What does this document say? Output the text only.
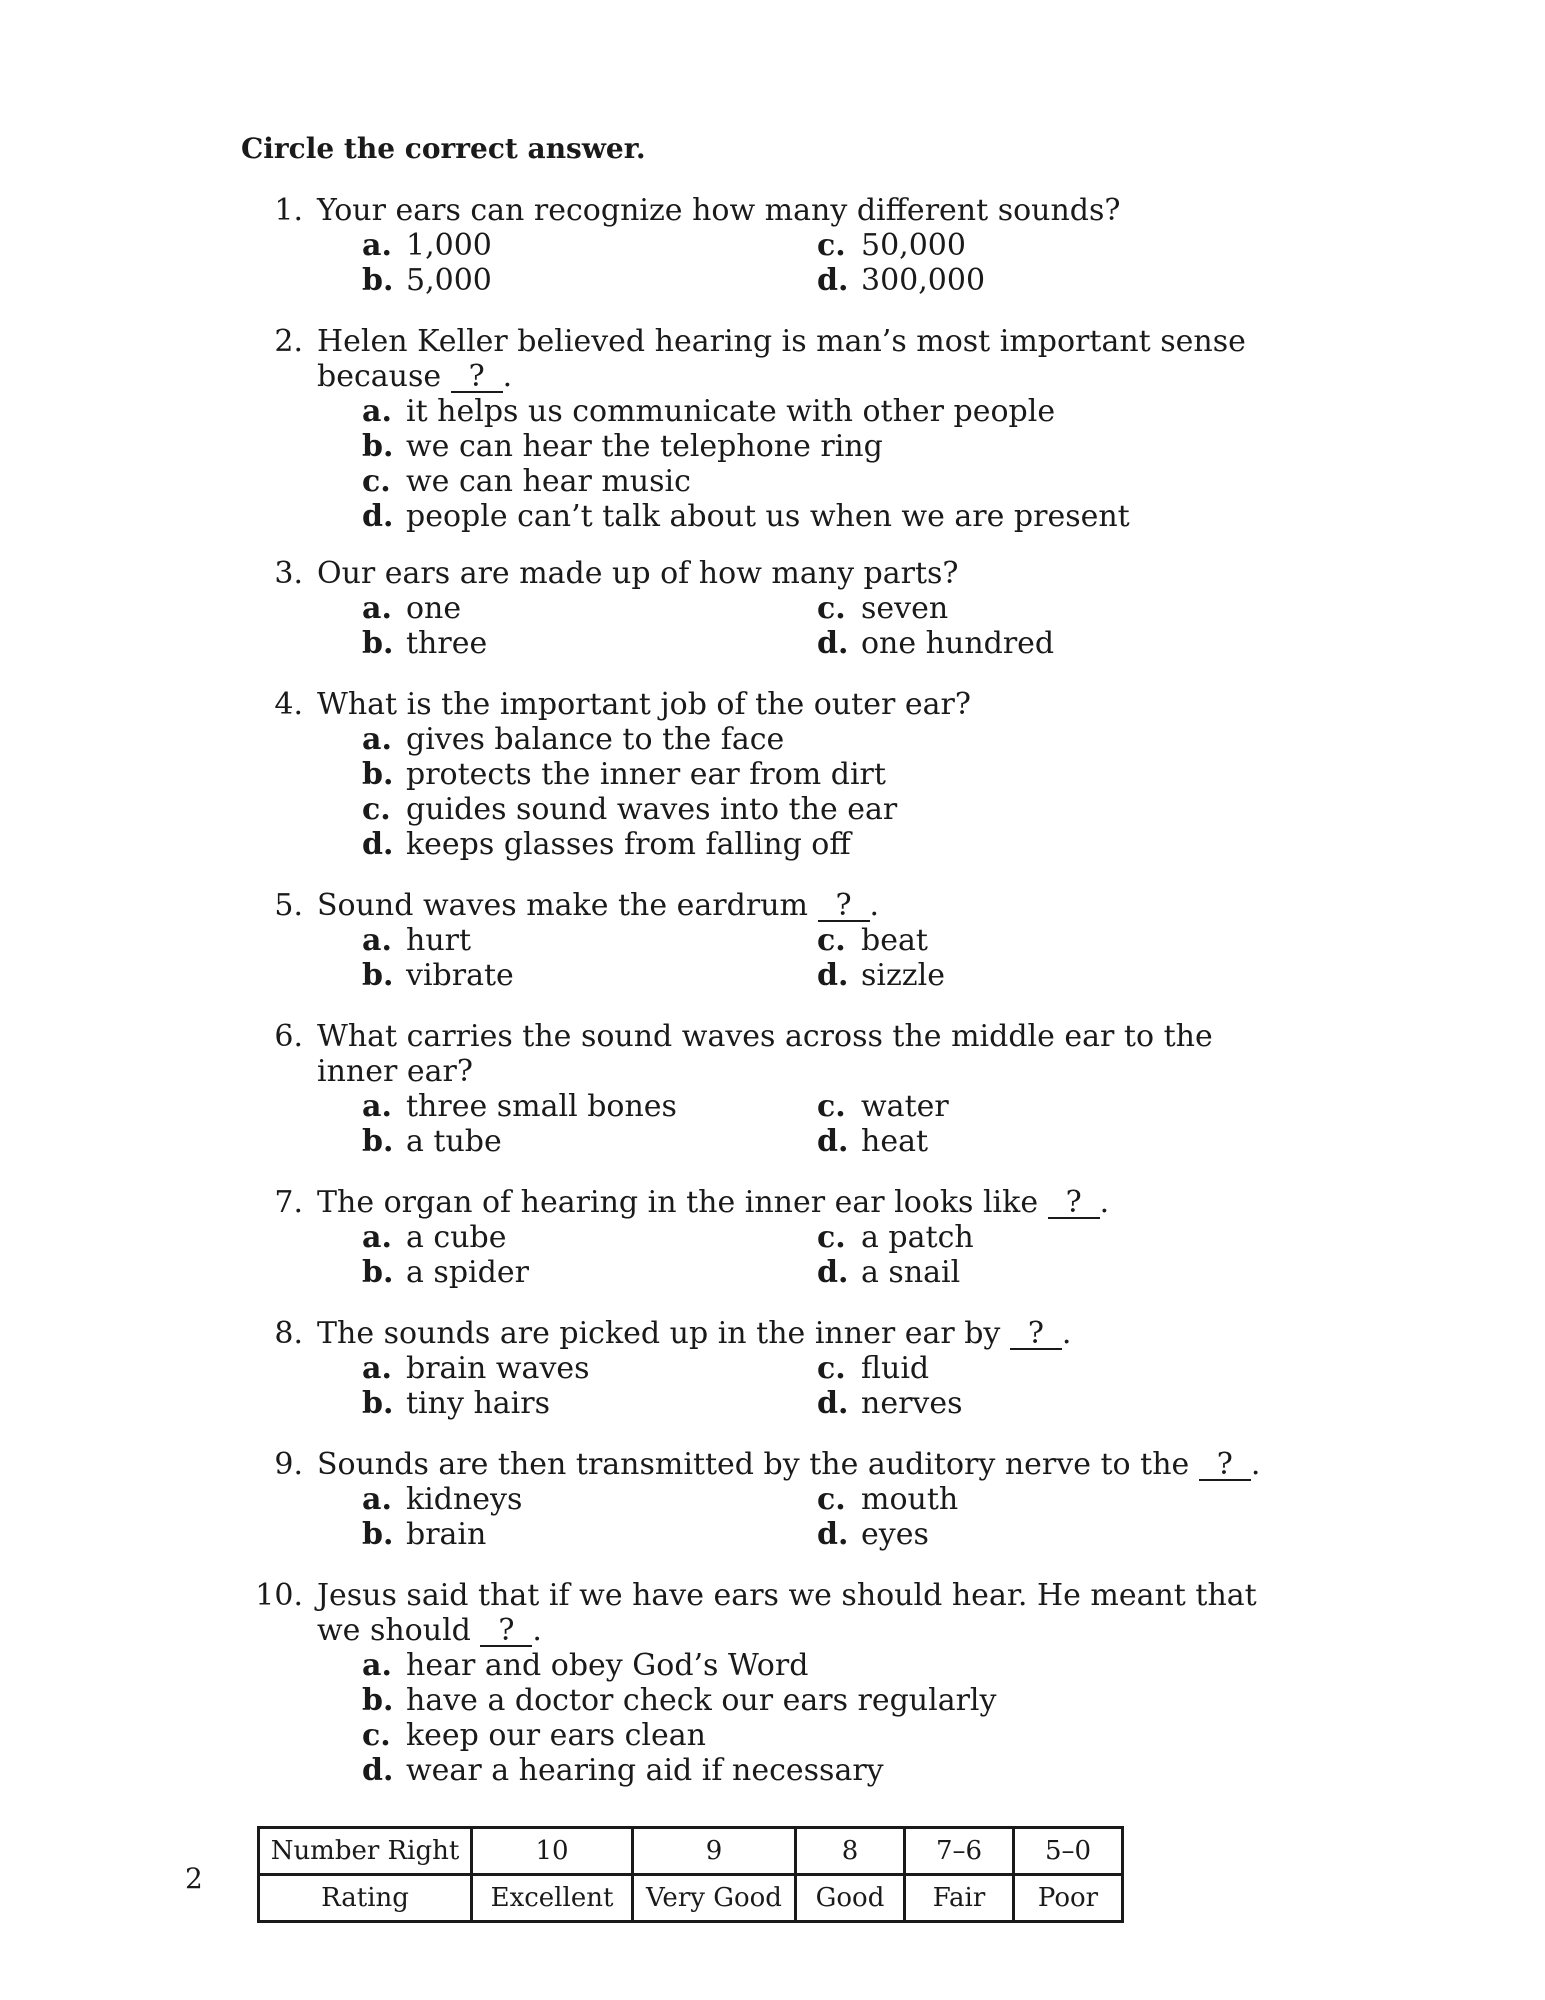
Circle the correct answer.
1. Your ears can recognize how many different sounds?
a. 1,000
b. 5,000
c. 50,000
d. 300,000
2. Helen Keller believed hearing is man’s most important sense because ? .
a. it helps us communicate with other people
b. we can hear the telephone ring
c. we can hear music
d. people can’t talk about us when we are present
3. Our ears are made up of how many parts?
a. one
b. three
c. seven
d. one hundred
4. What is the important job of the outer ear?
a. gives balance to the face
b. protects the inner ear from dirt
c. guides sound waves into the ear
d. keeps glasses from falling off
5. Sound waves make the eardrum ? .
a. hurt
b. vibrate
c. beat
d. sizzle
6. What carries the sound waves across the middle ear to the inner ear?
a. three small bones
b. a tube
c. water
d. heat
7. The organ of hearing in the inner ear looks like ? .
a. a cube
b. a spider
c. a patch
d. a snail
8. The sounds are picked up in the inner ear by ? .
a. brain waves
b. tiny hairs
c. fluid
d. nerves
9. Sounds are then transmitted by the auditory nerve to the ? .
a. kidneys
b. brain
c. mouth
d. eyes
10. Jesus said that if we have ears we should hear. He meant that we should ? .
a. hear and obey God’s Word
b. have a doctor check our ears regularly
c. keep our ears clean
d. wear a hearing aid if necessary
2
Number Right	10	9	8	7–6	5–0
Rating	Excellent	Very Good	Good	Fair	Poor
